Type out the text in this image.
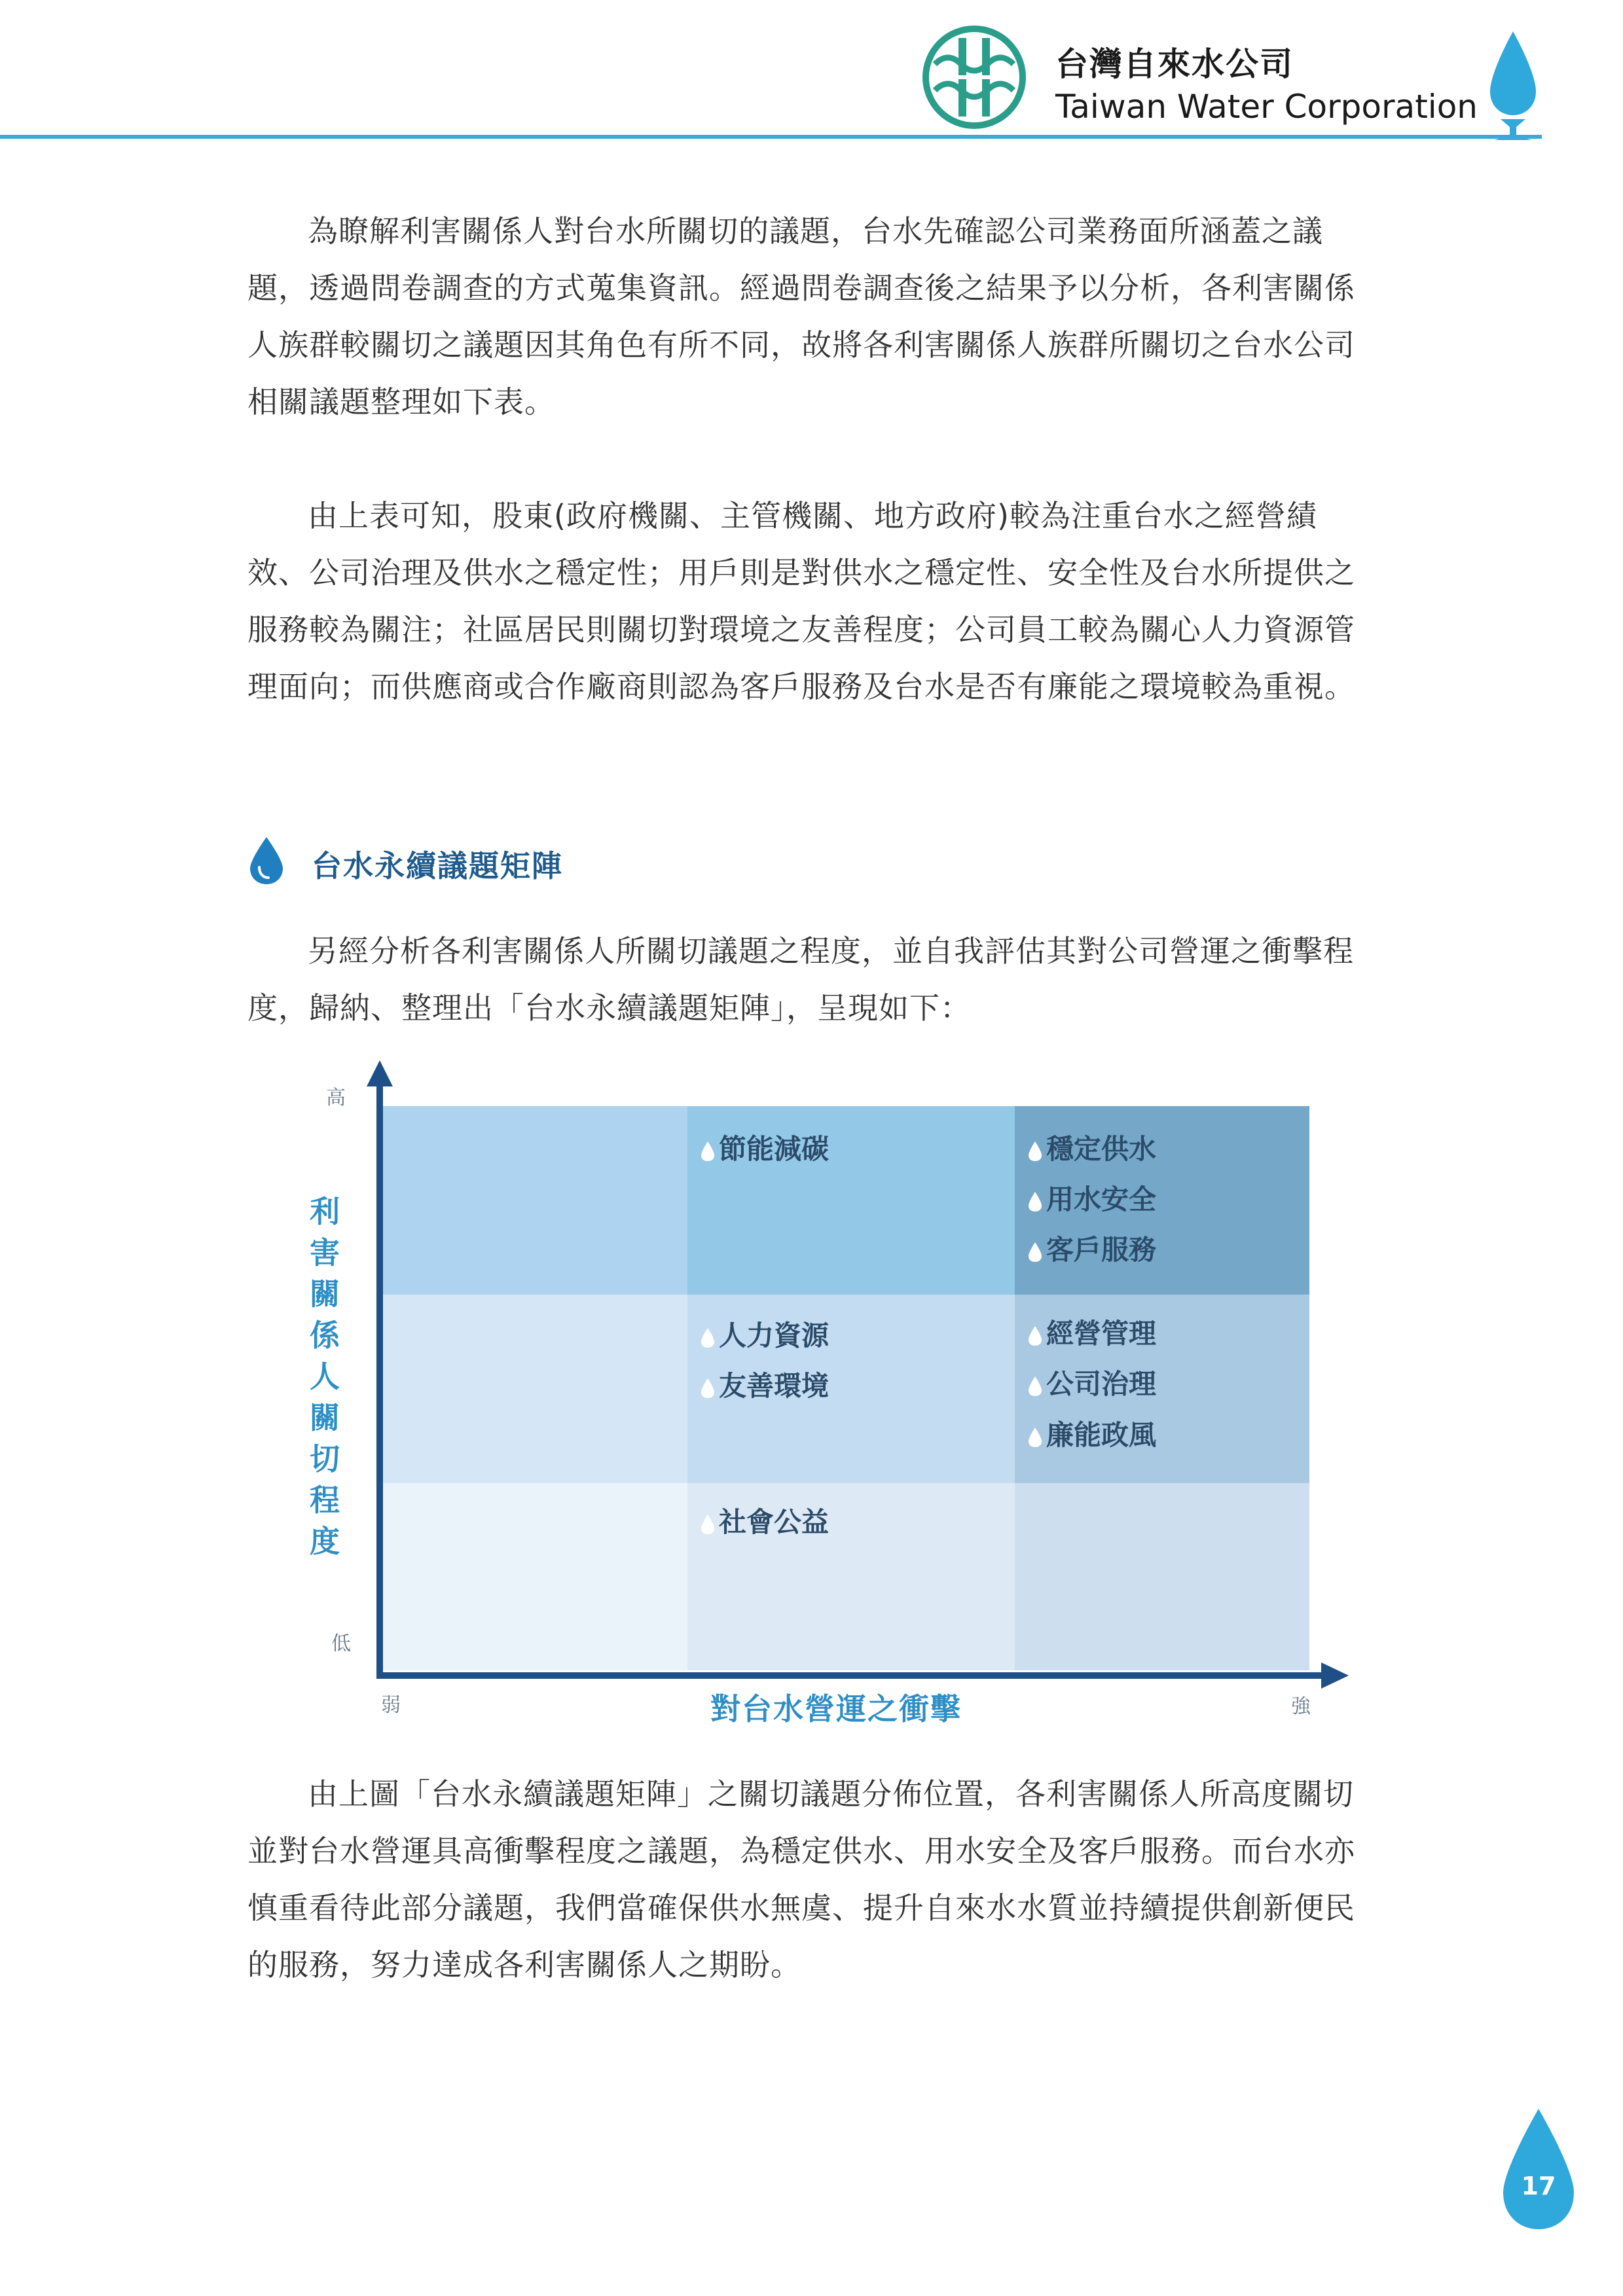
台灣自來水公司
Taiwan Water Corporation

為瞭解利害關係人對台水所關切的議題，台水先確認公司業務面所涵蓋之議題，透過問卷調查的方式蒐集資訊。經過問卷調查後之結果予以分析，各利害關係人族群較關切之議題因其角色有所不同，故將各利害關係人族群所關切之台水公司相關議題整理如下表。

由上表可知，股東(政府機關、主管機關、地方政府)較為注重台水之經營績效、公司治理及供水之穩定性；用戶則是對供水之穩定性、安全性及台水所提供之服務較為關注；社區居民則關切對環境之友善程度；公司員工較為關心人力資源管理面向；而供應商或合作廠商則認為客戶服務及台水是否有廉能之環境較為重視。

台水永續議題矩陣

另經分析各利害關係人所關切議題之程度，並自我評估其對公司營運之衝擊程度，歸納、整理出「台水永續議題矩陣」，呈現如下：

高
低
弱	強
利害關係人關切程度
對台水營運之衝擊
節能減碳	穩定供水
用水安全
客戶服務
人力資源
友善環境
經營管理
公司治理
廉能政風
社會公益

由上圖「台水永續議題矩陣」之關切議題分佈位置，各利害關係人所高度關切並對台水營運具高衝擊程度之議題，為穩定供水、用水安全及客戶服務。而台水亦慎重看待此部分議題，我們當確保供水無虞、提升自來水水質並持續提供創新便民的服務，努力達成各利害關係人之期盼。

17
